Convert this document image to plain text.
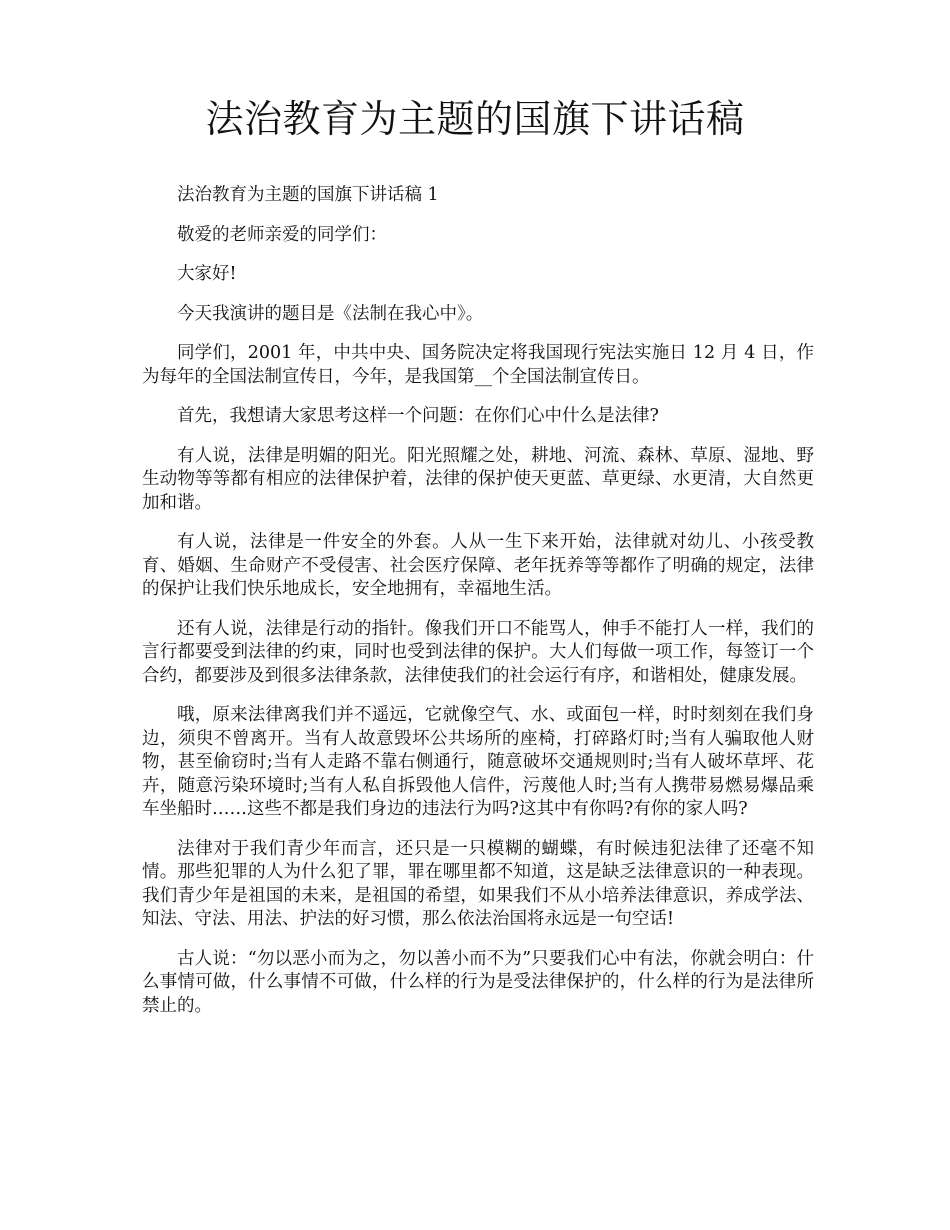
法治教育为主题的国旗下讲话稿

法治教育为主题的国旗下讲话稿 1

敬爱的老师亲爱的同学们：

大家好!

今天我演讲的题目是《法制在我心中》。

同学们，2001 年，中共中央、国务院决定将我国现行宪法实施日 12 月 4 日，作为每年的全国法制宣传日，今年，是我国第__个全国法制宣传日。

首先，我想请大家思考这样一个问题：在你们心中什么是法律?

有人说，法律是明媚的阳光。阳光照耀之处，耕地、河流、森林、草原、湿地、野生动物等等都有相应的法律保护着，法律的保护使天更蓝、草更绿、水更清，大自然更加和谐。

有人说，法律是一件安全的外套。人从一生下来开始，法律就对幼儿、小孩受教育、婚姻、生命财产不受侵害、社会医疗保障、老年抚养等等都作了明确的规定，法律的保护让我们快乐地成长，安全地拥有，幸福地生活。

还有人说，法律是行动的指针。像我们开口不能骂人，伸手不能打人一样，我们的言行都要受到法律的约束，同时也受到法律的保护。大人们每做一项工作，每签订一个合约，都要涉及到很多法律条款，法律使我们的社会运行有序，和谐相处，健康发展。

哦，原来法律离我们并不遥远，它就像空气、水、或面包一样，时时刻刻在我们身边，须臾不曾离开。当有人故意毁坏公共场所的座椅，打碎路灯时;当有人骗取他人财物，甚至偷窃时;当有人走路不靠右侧通行，随意破坏交通规则时;当有人破坏草坪、花卉，随意污染环境时;当有人私自拆毁他人信件，污蔑他人时;当有人携带易燃易爆品乘车坐船时……这些不都是我们身边的违法行为吗?这其中有你吗?有你的家人吗?

法律对于我们青少年而言，还只是一只模糊的蝴蝶，有时候违犯法律了还毫不知情。那些犯罪的人为什么犯了罪，罪在哪里都不知道，这是缺乏法律意识的一种表现。我们青少年是祖国的未来，是祖国的希望，如果我们不从小培养法律意识，养成学法、知法、守法、用法、护法的好习惯，那么依法治国将永远是一句空话!

古人说：“勿以恶小而为之，勿以善小而不为”只要我们心中有法，你就会明白：什么事情可做，什么事情不可做，什么样的行为是受法律保护的，什么样的行为是法律所禁止的。
